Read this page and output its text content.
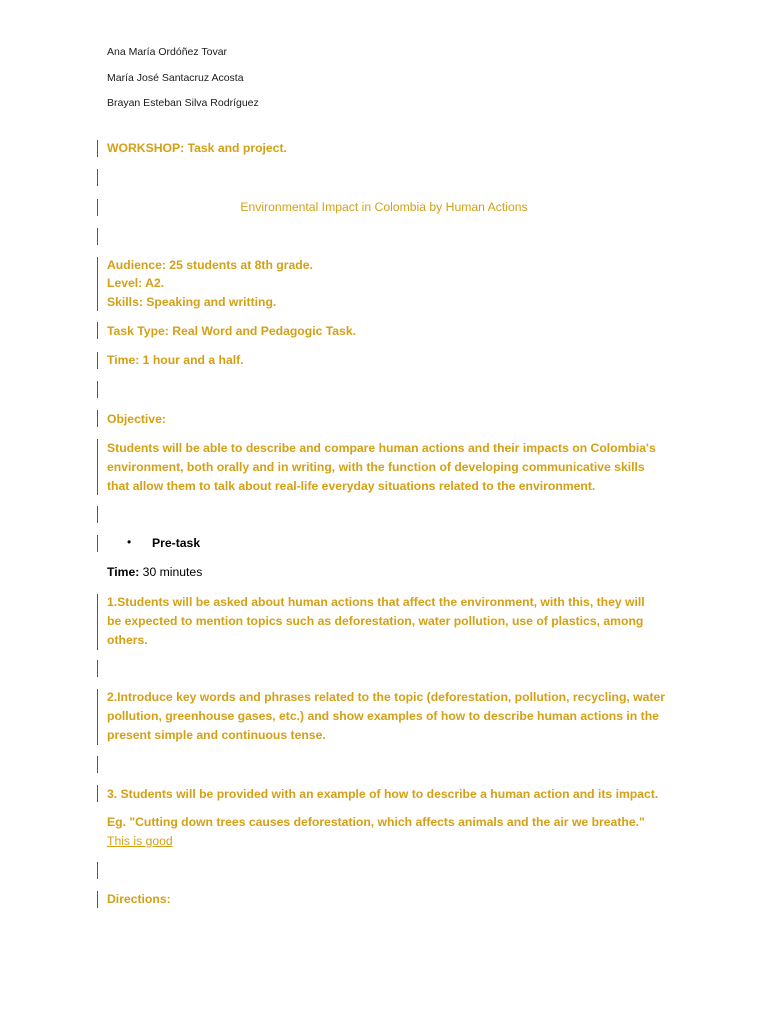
Ana María Ordóñez Tovar
María José Santacruz Acosta
Brayan Esteban Silva Rodríguez
WORKSHOP: Task and project.
Environmental Impact in Colombia by Human Actions
Audience: 25 students at 8th grade.
Level: A2.
Skills: Speaking and writting.
Task Type: Real Word and Pedagogic Task.
Time: 1 hour and a half.
Objective:
Students will be able to describe and compare human actions and their impacts on Colombia's environment, both orally and in writing, with the function of developing communicative skills that allow them to talk about real-life everyday situations related to the environment.
• Pre-task
Time: 30 minutes
1.Students will be asked about human actions that affect the environment, with this, they will be expected to mention topics such as deforestation, water pollution, use of plastics, among others.
2.Introduce key words and phrases related to the topic (deforestation, pollution, recycling, water pollution, greenhouse gases, etc.) and show examples of how to describe human actions in the present simple and continuous tense.
3. Students will be provided with an example of how to describe a human action and its impact.
Eg. "Cutting down trees causes deforestation, which affects animals and the air we breathe."
This is good
Directions:
